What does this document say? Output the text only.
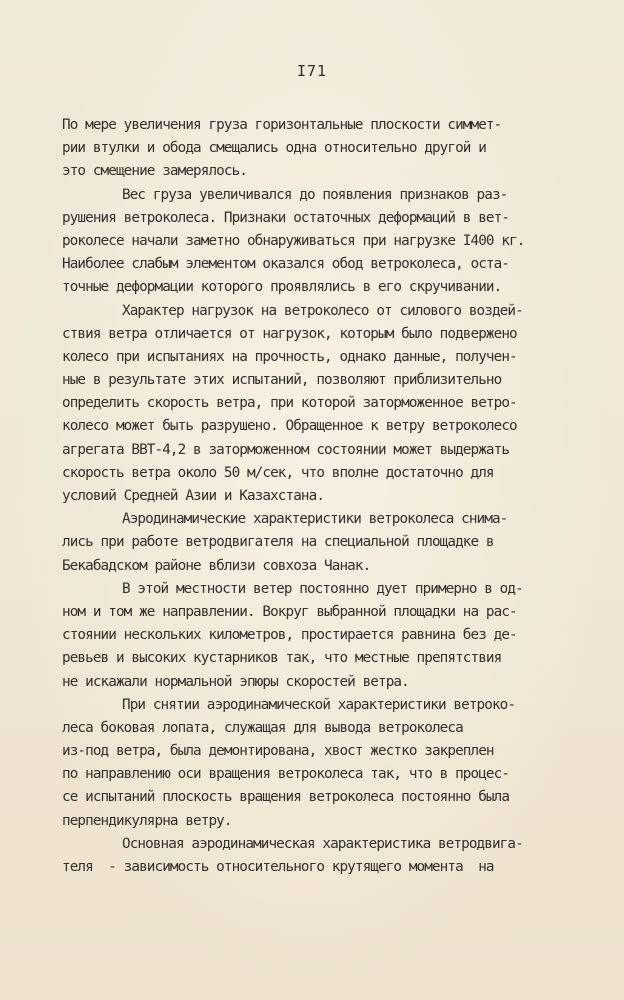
I71
По мере увеличения груза горизонтальные плоскости симмет-
рии втулки и обода смещались одна относительно другой и
это смещение замерялось.
Вес груза увеличивался до появления признаков раз-
рушения ветроколеса. Признаки остаточных деформаций в вет-
роколесе начали заметно обнаруживаться при нагрузке I400 кг.
Наиболее слабым элементом оказался обод ветроколеса, оста-
точные деформации которого проявлялись в его скручивании.
Характер нагрузок на ветроколесо от силового воздей-
ствия ветра отличается от нагрузок, которым было подвержено
колесо при испытаниях на прочность, однако данные, получен-
ные в результате этих испытаний, позволяют приблизительно
определить скорость ветра, при которой заторможенное ветро-
колесо может быть разрушено. Обращенное к ветру ветроколесо
агрегата ВВТ-4,2 в заторможенном состоянии может выдержать
скорость ветра около 50 м/сек, что вполне достаточно для
условий Средней Азии и Казахстана.
Аэродинамические характеристики ветроколеса снима-
лись при работе ветродвигателя на специальной площадке в
Бекабадском районе вблизи совхоза Чанак.
В этой местности ветер постоянно дует примерно в од-
ном и том же направлении. Вокруг выбранной площадки на рас-
стоянии нескольких километров, простирается равнина без де-
ревьев и высоких кустарников так, что местные препятствия
не искажали нормальной эпюры скоростей ветра.
При снятии аэродинамической характеристики ветроко-
леса боковая лопата, служащая для вывода ветроколеса
из-под ветра, была демонтирована, хвост жестко закреплен
по направлению оси вращения ветроколеса так, что в процес-
се испытаний плоскость вращения ветроколеса постоянно была
перпендикулярна ветру.
Основная аэродинамическая характеристика ветродвига-
теля  - зависимость относительного крутящего момента  на
